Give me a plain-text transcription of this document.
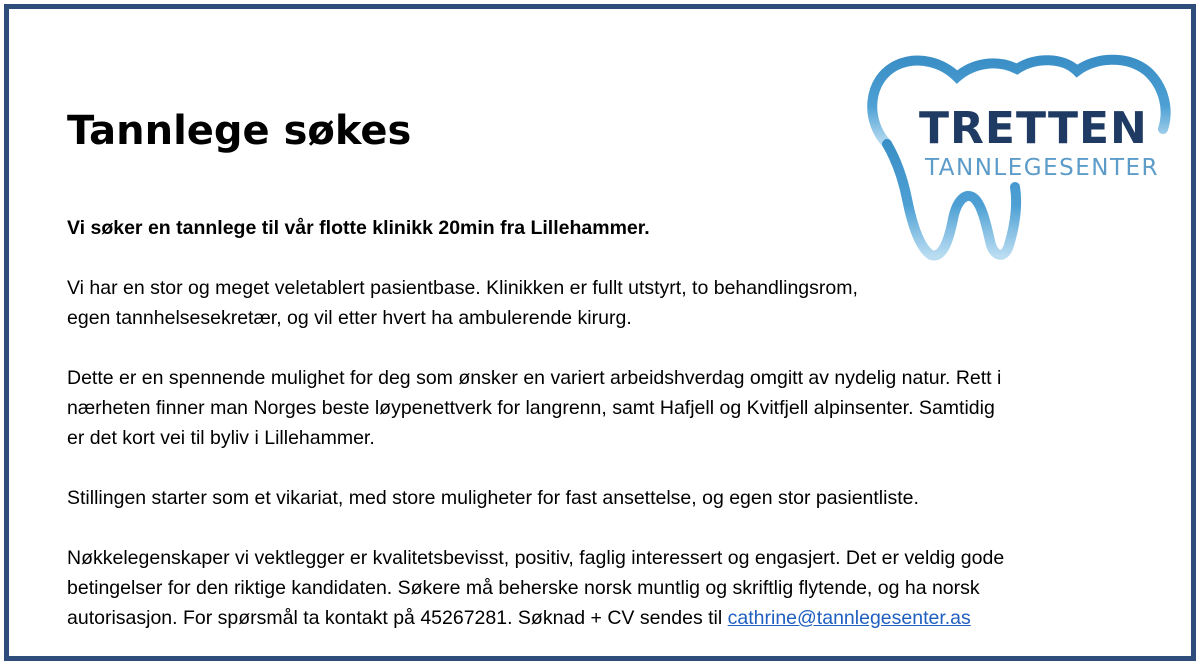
TRETTEN
TANNLEGESENTER
Tannlege søkes

Vi søker en tannlege til vår flotte klinikk 20min fra Lillehammer.

Vi har en stor og meget veletablert pasientbase. Klinikken er fullt utstyrt, to behandlingsrom,
egen tannhelsesekretær, og vil etter hvert ha ambulerende kirurg.

Dette er en spennende mulighet for deg som ønsker en variert arbeidshverdag omgitt av nydelig natur. Rett i
nærheten finner man Norges beste løypenettverk for langrenn, samt Hafjell og Kvitfjell alpinsenter. Samtidig
er det kort vei til byliv i Lillehammer.

Stillingen starter som et vikariat, med store muligheter for fast ansettelse, og egen stor pasientliste.

Nøkkelegenskaper vi vektlegger er kvalitetsbevisst, positiv, faglig interessert og engasjert. Det er veldig gode
betingelser for den riktige kandidaten. Søkere må beherske norsk muntlig og skriftlig flytende, og ha norsk
autorisasjon. For spørsmål ta kontakt på 45267281. Søknad + CV sendes til cathrine@tannlegesenter.as
